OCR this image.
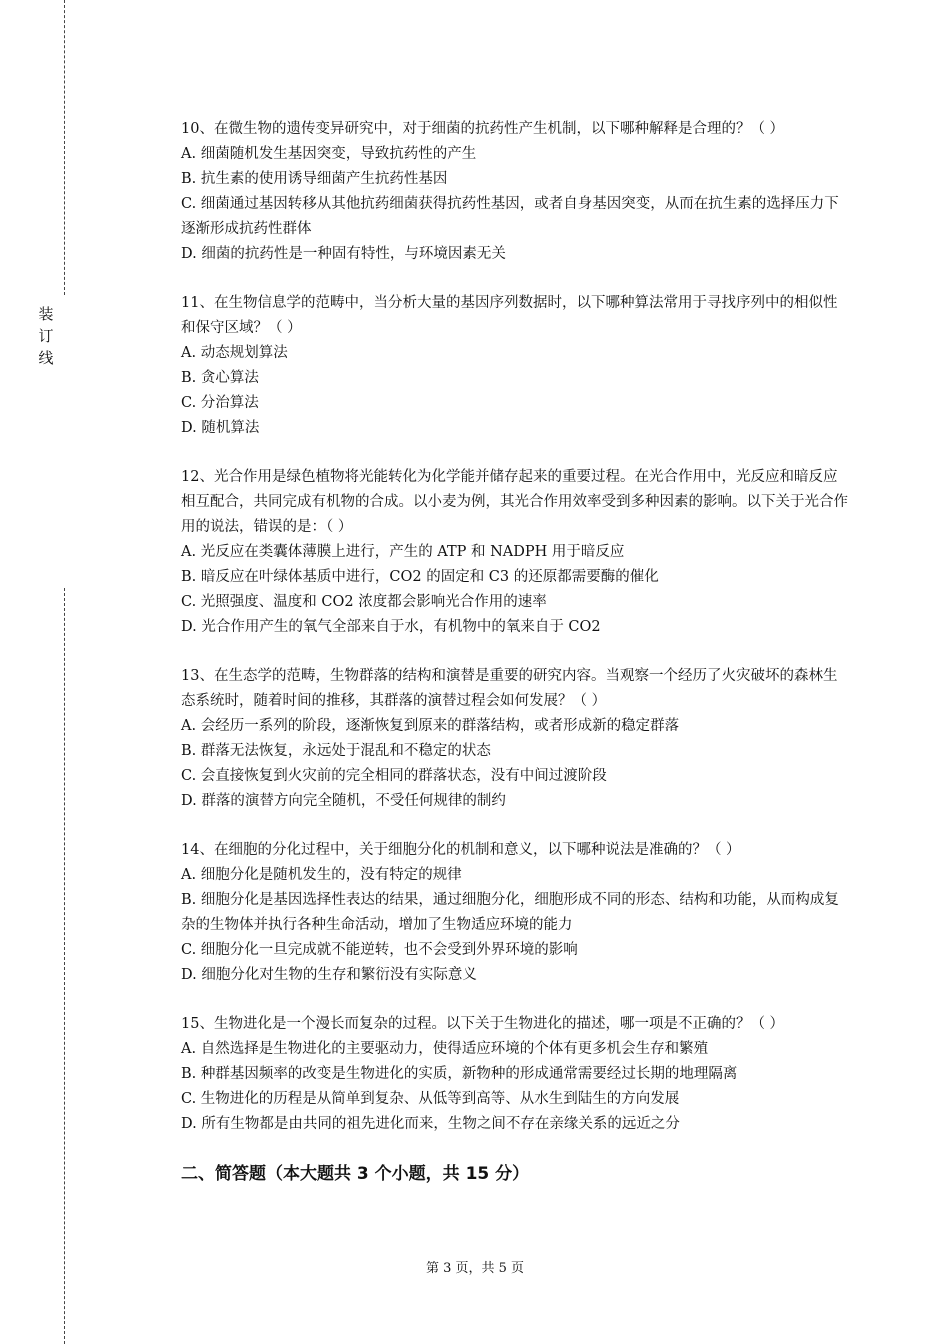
装
订
线

10、在微生物的遗传变异研究中，对于细菌的抗药性产生机制，以下哪种解释是合理的？（ ）

A. 细菌随机发生基因突变，导致抗药性的产生

B. 抗生素的使用诱导细菌产生抗药性基因

C. 细菌通过基因转移从其他抗药细菌获得抗药性基因，或者自身基因突变，从而在抗生素的选择压力下逐渐形成抗药性群体

D. 细菌的抗药性是一种固有特性，与环境因素无关

11、在生物信息学的范畴中，当分析大量的基因序列数据时，以下哪种算法常用于寻找序列中的相似性和保守区域？（ ）

A. 动态规划算法

B. 贪心算法

C. 分治算法

D. 随机算法

12、光合作用是绿色植物将光能转化为化学能并储存起来的重要过程。在光合作用中，光反应和暗反应相互配合，共同完成有机物的合成。以小麦为例，其光合作用效率受到多种因素的影响。以下关于光合作用的说法，错误的是：（ ）

A. 光反应在类囊体薄膜上进行，产生的 ATP 和 NADPH 用于暗反应

B. 暗反应在叶绿体基质中进行，CO2 的固定和 C3 的还原都需要酶的催化

C. 光照强度、温度和 CO2 浓度都会影响光合作用的速率

D. 光合作用产生的氧气全部来自于水，有机物中的氧来自于 CO2

13、在生态学的范畴，生物群落的结构和演替是重要的研究内容。当观察一个经历了火灾破坏的森林生态系统时，随着时间的推移，其群落的演替过程会如何发展？（ ）

A. 会经历一系列的阶段，逐渐恢复到原来的群落结构，或者形成新的稳定群落

B. 群落无法恢复，永远处于混乱和不稳定的状态

C. 会直接恢复到火灾前的完全相同的群落状态，没有中间过渡阶段

D. 群落的演替方向完全随机，不受任何规律的制约

14、在细胞的分化过程中，关于细胞分化的机制和意义，以下哪种说法是准确的？（ ）

A. 细胞分化是随机发生的，没有特定的规律

B. 细胞分化是基因选择性表达的结果，通过细胞分化，细胞形成不同的形态、结构和功能，从而构成复杂的生物体并执行各种生命活动，增加了生物适应环境的能力

C. 细胞分化一旦完成就不能逆转，也不会受到外界环境的影响

D. 细胞分化对生物的生存和繁衍没有实际意义

15、生物进化是一个漫长而复杂的过程。以下关于生物进化的描述，哪一项是不正确的？（ ）

A. 自然选择是生物进化的主要驱动力，使得适应环境的个体有更多机会生存和繁殖

B. 种群基因频率的改变是生物进化的实质，新物种的形成通常需要经过长期的地理隔离

C. 生物进化的历程是从简单到复杂、从低等到高等、从水生到陆生的方向发展

D. 所有生物都是由共同的祖先进化而来，生物之间不存在亲缘关系的远近之分

二、简答题（本大题共 3 个小题，共 15 分）
第 3 页，共 5 页
